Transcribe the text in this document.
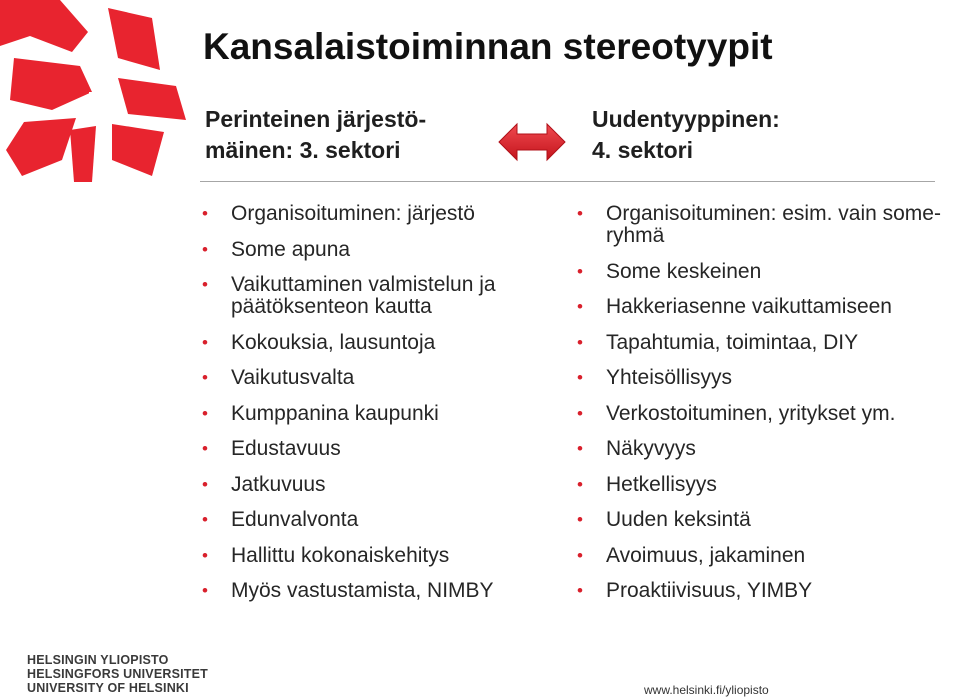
Kansalaistoiminnan stereotyypit
Perinteinen järjestö-
mäinen: 3. sektori
Uudentyyppinen:
4. sektori
• Organisoituminen: järjestö
• Some apuna
• Vaikuttaminen valmistelun ja päätöksenteon kautta
• Kokouksia, lausuntoja
• Vaikutusvalta
• Kumppanina kaupunki
• Edustavuus
• Jatkuvuus
• Edunvalvonta
• Hallittu kokonaiskehitys
• Myös vastustamista, NIMBY
• Organisoituminen: esim. vain some-ryhmä
• Some keskeinen
• Hakkeriasenne vaikuttamiseen
• Tapahtumia, toimintaa, DIY
• Yhteisöllisyys
• Verkostoituminen, yritykset ym.
• Näkyvyys
• Hetkellisyys
• Uuden keksintä
• Avoimuus, jakaminen
• Proaktiivisuus, YIMBY
HELSINGIN YLIOPISTO
HELSINGFORS UNIVERSITET
UNIVERSITY OF HELSINKI	www.helsinki.fi/yliopisto
